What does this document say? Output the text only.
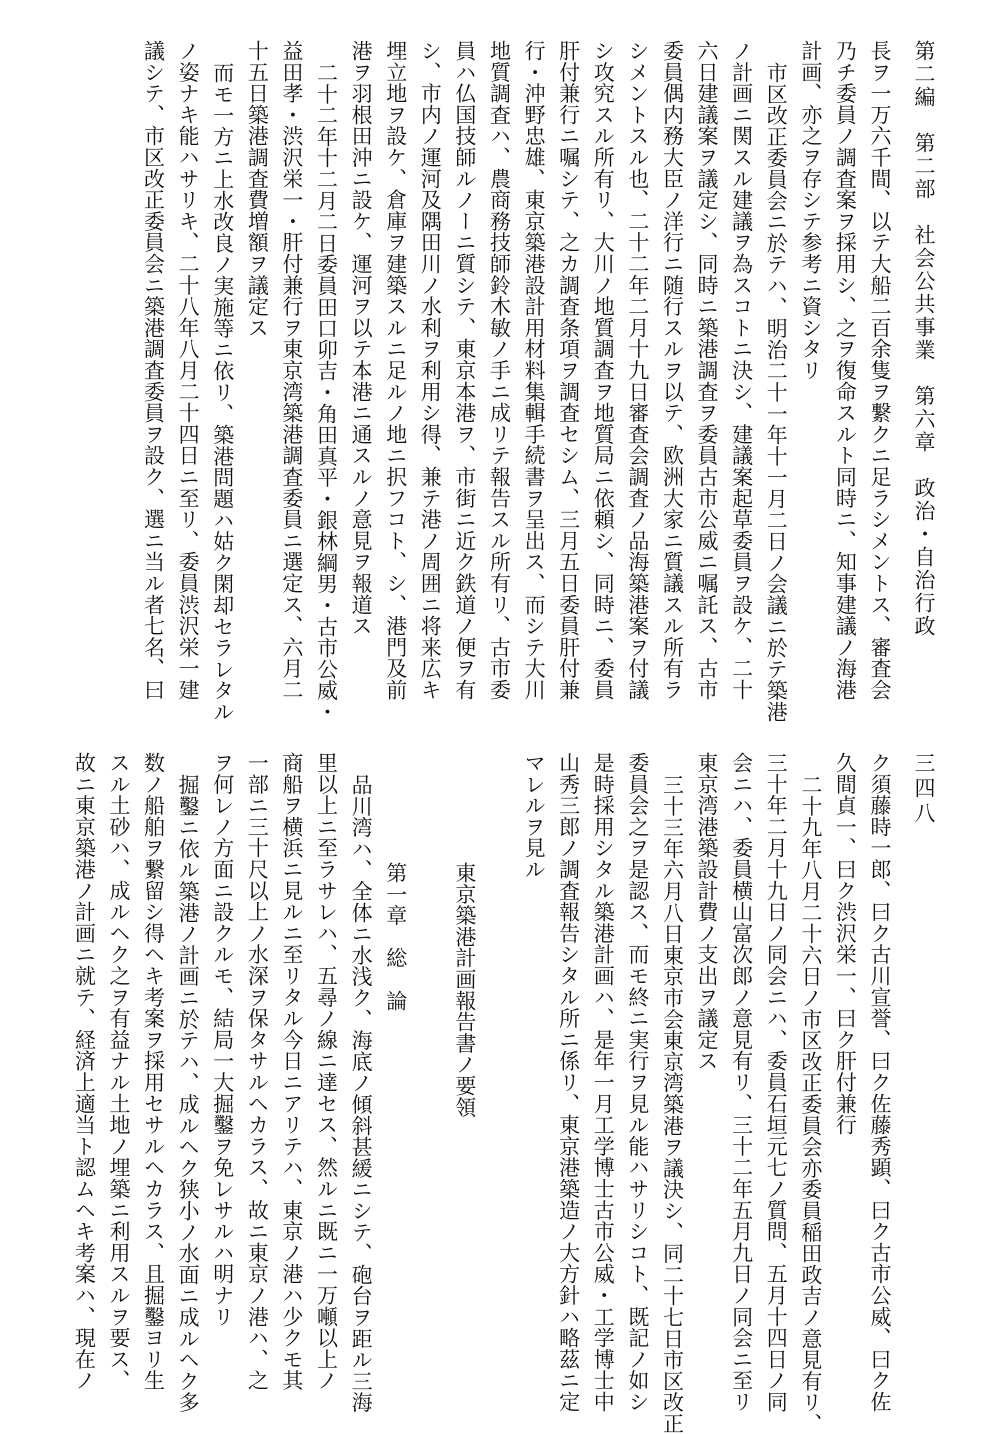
第二編　第二部　社会公共事業　第六章　政治・自治行政
三四八
長ヲ一万六千間、以テ大船二百余隻ヲ繋クニ足ラシメントス、審査会
乃チ委員ノ調査案ヲ採用シ、之ヲ復命スルト同時ニ、知事建議ノ海港
計画、亦之ヲ存シテ参考ニ資シタリ
市区改正委員会ニ於テハ、明治二十一年十一月二日ノ会議ニ於テ築港
ノ計画ニ関スル建議ヲ為スコトニ決シ、建議案起草委員ヲ設ケ、二十
六日建議案ヲ議定シ、同時ニ築港調査ヲ委員古市公威ニ嘱託ス、古市
委員偶内務大臣ノ洋行ニ随行スルヲ以テ、欧洲大家ニ質議スル所有ラ
シメントスル也、二十二年二月十九日審査会調査ノ品海築港案ヲ付議
シ攻究スル所有リ、大川ノ地質調査ヲ地質局ニ依頼シ、同時ニ、委員
肝付兼行ニ嘱シテ、之カ調査条項ヲ調査セシム、三月五日委員肝付兼
行・沖野忠雄、東京築港設計用材料集輯手続書ヲ呈出ス、而シテ大川
地質調査ハ、農商務技師鈴木敏ノ手ニ成リテ報告スル所有リ、古市委
員ハ仏国技師ルノーニ質シテ、東京本港ヲ、市街ニ近ク鉄道ノ便ヲ有
シ、市内ノ運河及隅田川ノ水利ヲ利用シ得、兼テ港ノ周囲ニ将来広キ
埋立地ヲ設ケ、倉庫ヲ建築スルニ足ルノ地ニ択フコト、シ、港門及前
港ヲ羽根田沖ニ設ケ、運河ヲ以テ本港ニ通スルノ意見ヲ報道ス
二十二年十二月二日委員田口卯吉・角田真平・銀林綱男・古市公威・
益田孝・渋沢栄一・肝付兼行ヲ東京湾築港調査委員ニ選定ス、六月二
十五日築港調査費増額ヲ議定ス
而モ一方ニ上水改良ノ実施等ニ依リ、築港問題ハ姑ク閑却セラレタル
ノ姿ナキ能ハサリキ、二十八年八月二十四日ニ至リ、委員渋沢栄一建
議シテ、市区改正委員会ニ築港調査委員ヲ設ク、選ニ当ル者七名、曰
ク須藤時一郎、曰ク古川宣誉、曰ク佐藤秀顕、曰ク古市公威、曰ク佐
久間貞一、曰ク渋沢栄一、曰ク肝付兼行
二十九年八月二十六日ノ市区改正委員会亦委員稲田政吉ノ意見有リ、
三十年二月十九日ノ同会ニハ、委員石垣元七ノ質問、五月十四日ノ同
会ニハ、委員横山富次郎ノ意見有リ、三十二年五月九日ノ同会ニ至リ
東京湾港築設計費ノ支出ヲ議定ス
三十三年六月八日東京市会東京湾築港ヲ議決シ、同二十七日市区改正
委員会之ヲ是認ス、而モ終ニ実行ヲ見ル能ハサリシコト、既記ノ如シ
是時採用シタル築港計画ハ、是年一月工学博士古市公威・工学博士中
山秀三郎ノ調査報告シタル所ニ係リ、東京港築造ノ大方針ハ略茲ニ定
マレルヲ見ル
東京築港計画報告書ノ要領
第一章　総　論
品川湾ハ、全体ニ水浅ク、海底ノ傾斜甚緩ニシテ、砲台ヲ距ル三海
里以上ニ至ラサレハ、五尋ノ線ニ達セス、然ルニ既ニ一万噸以上ノ
商船ヲ横浜ニ見ルニ至リタル今日ニアリテハ、東京ノ港ハ少クモ其
一部ニ三十尺以上ノ水深ヲ保タサルヘカラス、故ニ東京ノ港ハ、之
ヲ何レノ方面ニ設クルモ、結局一大掘鑿ヲ免レサルハ明ナリ
掘鑿ニ依ル築港ノ計画ニ於テハ、成ルヘク狭小ノ水面ニ成ルヘク多
数ノ船舶ヲ繋留シ得ヘキ考案ヲ採用セサルヘカラス、且掘鑿ヨリ生
スル土砂ハ、成ルヘク之ヲ有益ナル土地ノ埋築ニ利用スルヲ要ス、
故ニ東京築港ノ計画ニ就テ、経済上適当ト認ムヘキ考案ハ、現在ノ
